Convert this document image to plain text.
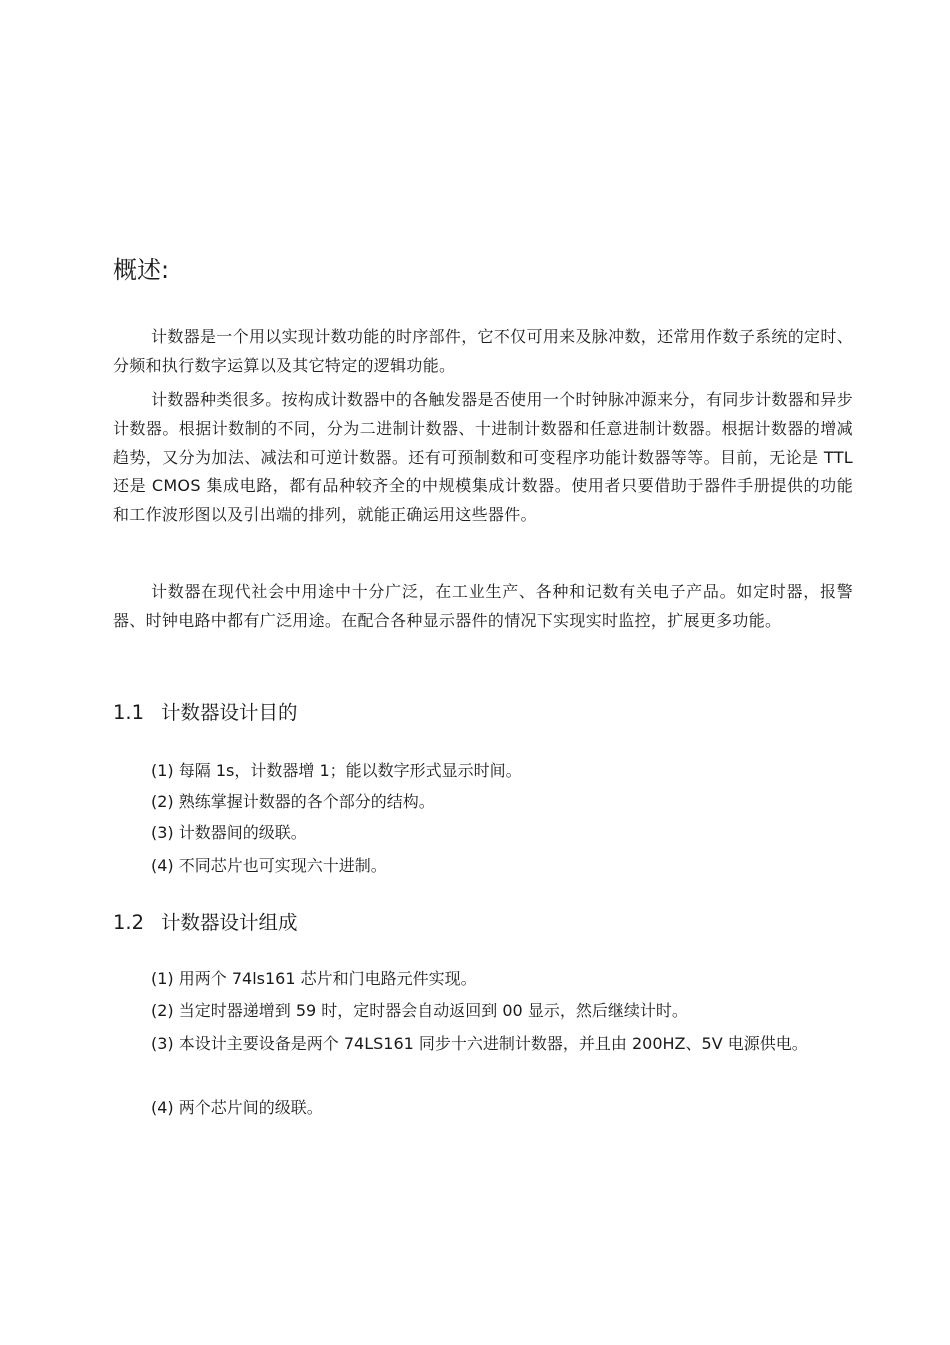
概述:

计数器是一个用以实现计数功能的时序部件，它不仅可用来及脉冲数，还常用作数子系统的定时、分频和执行数字运算以及其它特定的逻辑功能。

计数器种类很多。按构成计数器中的各触发器是否使用一个时钟脉冲源来分，有同步计数器和异步计数器。根据计数制的不同，分为二进制计数器、十进制计数器和任意进制计数器。根据计数器的增减趋势，又分为加法、减法和可逆计数器。还有可预制数和可变程序功能计数器等等。目前，无论是 TTL 还是 CMOS 集成电路，都有品种较齐全的中规模集成计数器。使用者只要借助于器件手册提供的功能和工作波形图以及引出端的排列，就能正确运用这些器件。

计数器在现代社会中用途中十分广泛，在工业生产、各种和记数有关电子产品。如定时器，报警器、时钟电路中都有广泛用途。在配合各种显示器件的情况下实现实时监控，扩展更多功能。

1.1 计数器设计目的

(1) 每隔 1s，计数器增 1；能以数字形式显示时间。

(2) 熟练掌握计数器的各个部分的结构。

(3) 计数器间的级联。

(4) 不同芯片也可实现六十进制。

1.2 计数器设计组成

(1) 用两个 74ls161 芯片和门电路元件实现。

(2) 当定时器递增到 59 时，定时器会自动返回到 00 显示，然后继续计时。

(3) 本设计主要设备是两个 74LS161 同步十六进制计数器，并且由 200HZ、5V 电源供电。

(4) 两个芯片间的级联。
